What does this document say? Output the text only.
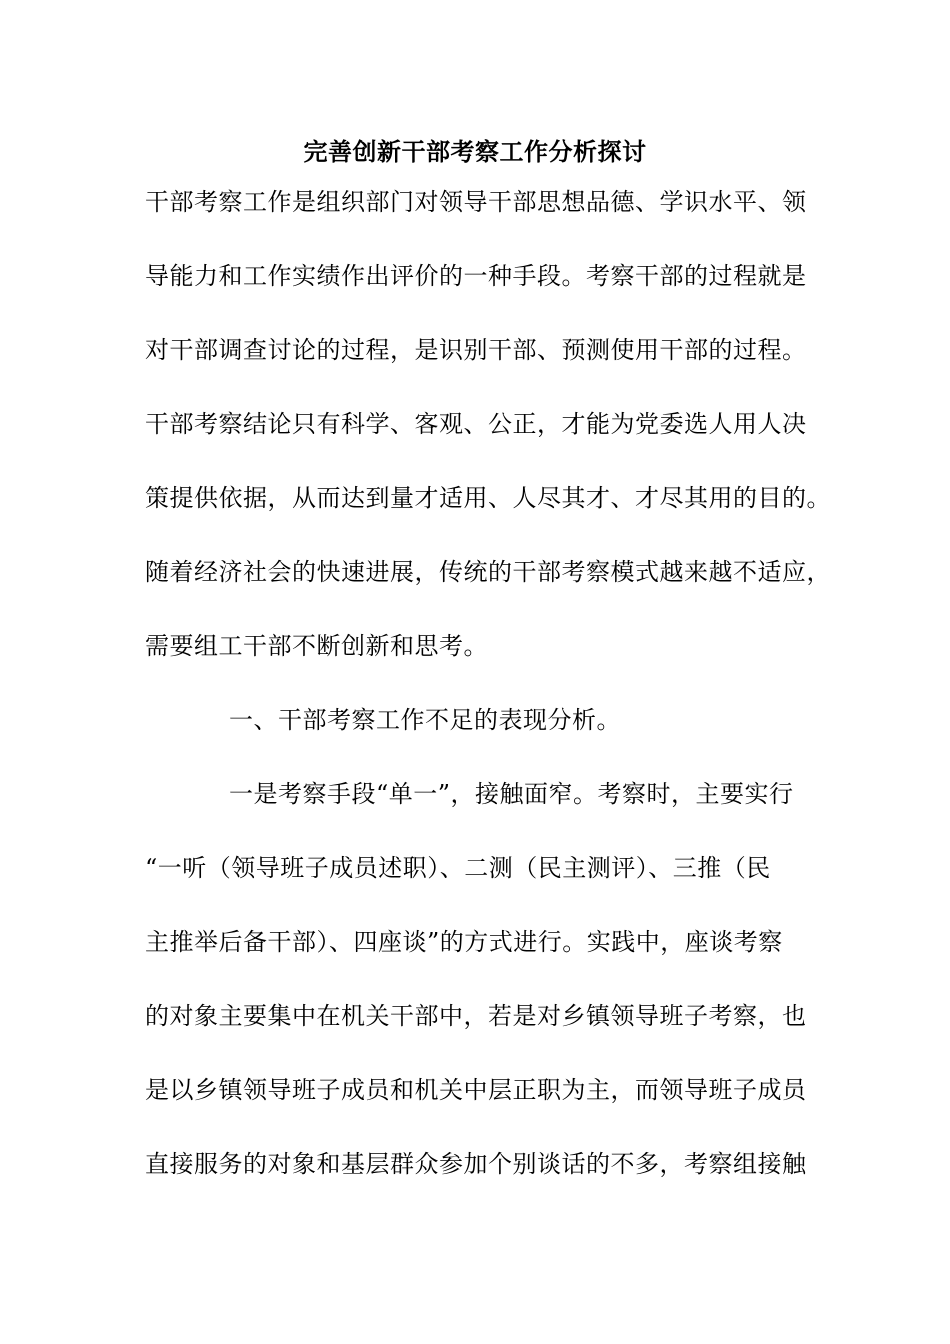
完善创新干部考察工作分析探讨
干部考察工作是组织部门对领导干部思想品德、学识水平、领
导能力和工作实绩作出评价的一种手段。考察干部的过程就是
对干部调查讨论的过程，是识别干部、预测使用干部的过程。
干部考察结论只有科学、客观、公正，才能为党委选人用人决
策提供依据，从而达到量才适用、人尽其才、才尽其用的目的。
随着经济社会的快速进展，传统的干部考察模式越来越不适应，
需要组工干部不断创新和思考。
一、干部考察工作不足的表现分析。
一是考察手段“单一”，接触面窄。考察时，主要实行
“一听（领导班子成员述职）、二测（民主测评）、三推（民
主推举后备干部）、四座谈”的方式进行。实践中，座谈考察
的对象主要集中在机关干部中，若是对乡镇领导班子考察，也
是以乡镇领导班子成员和机关中层正职为主，而领导班子成员
直接服务的对象和基层群众参加个别谈话的不多，考察组接触
